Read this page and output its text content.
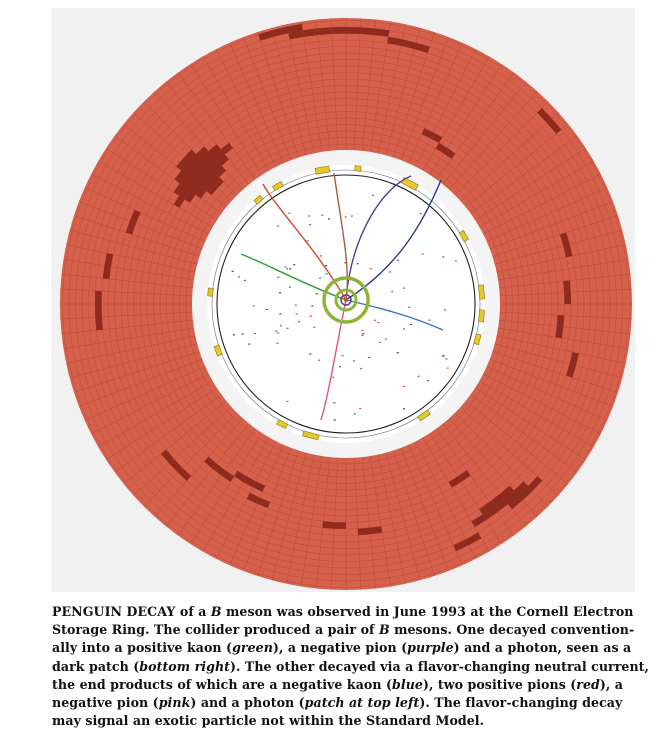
PENGUIN DECAY of a B meson was observed in June 1993 at the Cornell Electron
Storage Ring. The collider produced a pair of B mesons. One decayed convention-
ally into a positive kaon (green), a negative pion (purple) and a photon, seen as a
dark patch (bottom right). The other decayed via a flavor-changing neutral current,
the end products of which are a negative kaon (blue), two positive pions (red), a
negative pion (pink) and a photon (patch at top left). The flavor-changing decay
may signal an exotic particle not within the Standard Model.
